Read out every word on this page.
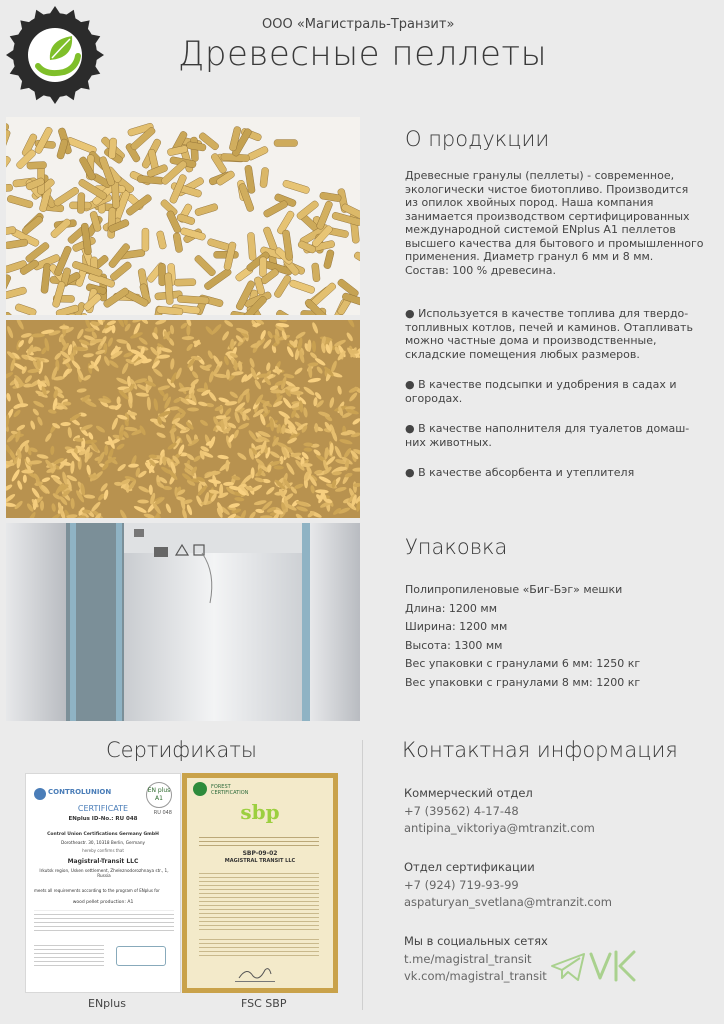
ООО «Магистраль-Транзит»
Древесные пеллеты
О продукции
Древесные гранулы (пеллеты) - современное,
экологически чистое биотопливо. Производится
из опилок хвойных пород. Наша компания
занимается производством сертифицированных
международной системой ENplus A1 пеллетов
высшего качества для бытового и промышленного
применения. Диаметр гранул 6 мм и 8 мм.
Состав: 100 % древесина.
● Используется в качестве топлива для твердо-
топливных котлов, печей и каминов. Отапливать
можно частные дома и производственные,
складские помещения любых размеров.
● В качестве подсыпки и удобрения в садах и
огородах.
● В качестве наполнителя для туалетов домаш-
них животных.
● В качестве абсорбента и утеплителя
Упаковка
Полипропиленовые «Биг-Бэг» мешки
Длина: 1200 мм
Ширина: 1200 мм
Высота: 1300 мм
Вес упаковки с гранулами 6 мм: 1250 кг
Вес упаковки с гранулами 8 мм: 1200 кг
Сертификаты
CONTROLUNION	EN plus A1
RU 048
CERTIFICATE
ENplus ID-No.: RU 048
Control Union Certifications Germany GmbH
Dorotheastr. 30, 10318 Berlin, Germany
hereby confirms that
Magistral-Transit LLC
Irkutsk region, Usken settlement, Zheleznodorozhnaya str., 1, Russia
meets all requirements according to the program of ENplus for
wood pellet production: A1
ENplus
FOREST CERTIFICATION
sbp
SBP-09-02
MAGISTRAL TRANSIT LLC
FSC SBP
Контактная информация
Коммерческий отдел
+7 (39562) 4-17-48
antipina_viktoriya@mtranzit.com
Отдел сертификации
+7 (924) 719-93-99
aspaturyan_svetlana@mtranzit.com
Мы в социальных сетях
t.me/magistral_transit
vk.com/magistral_transit
